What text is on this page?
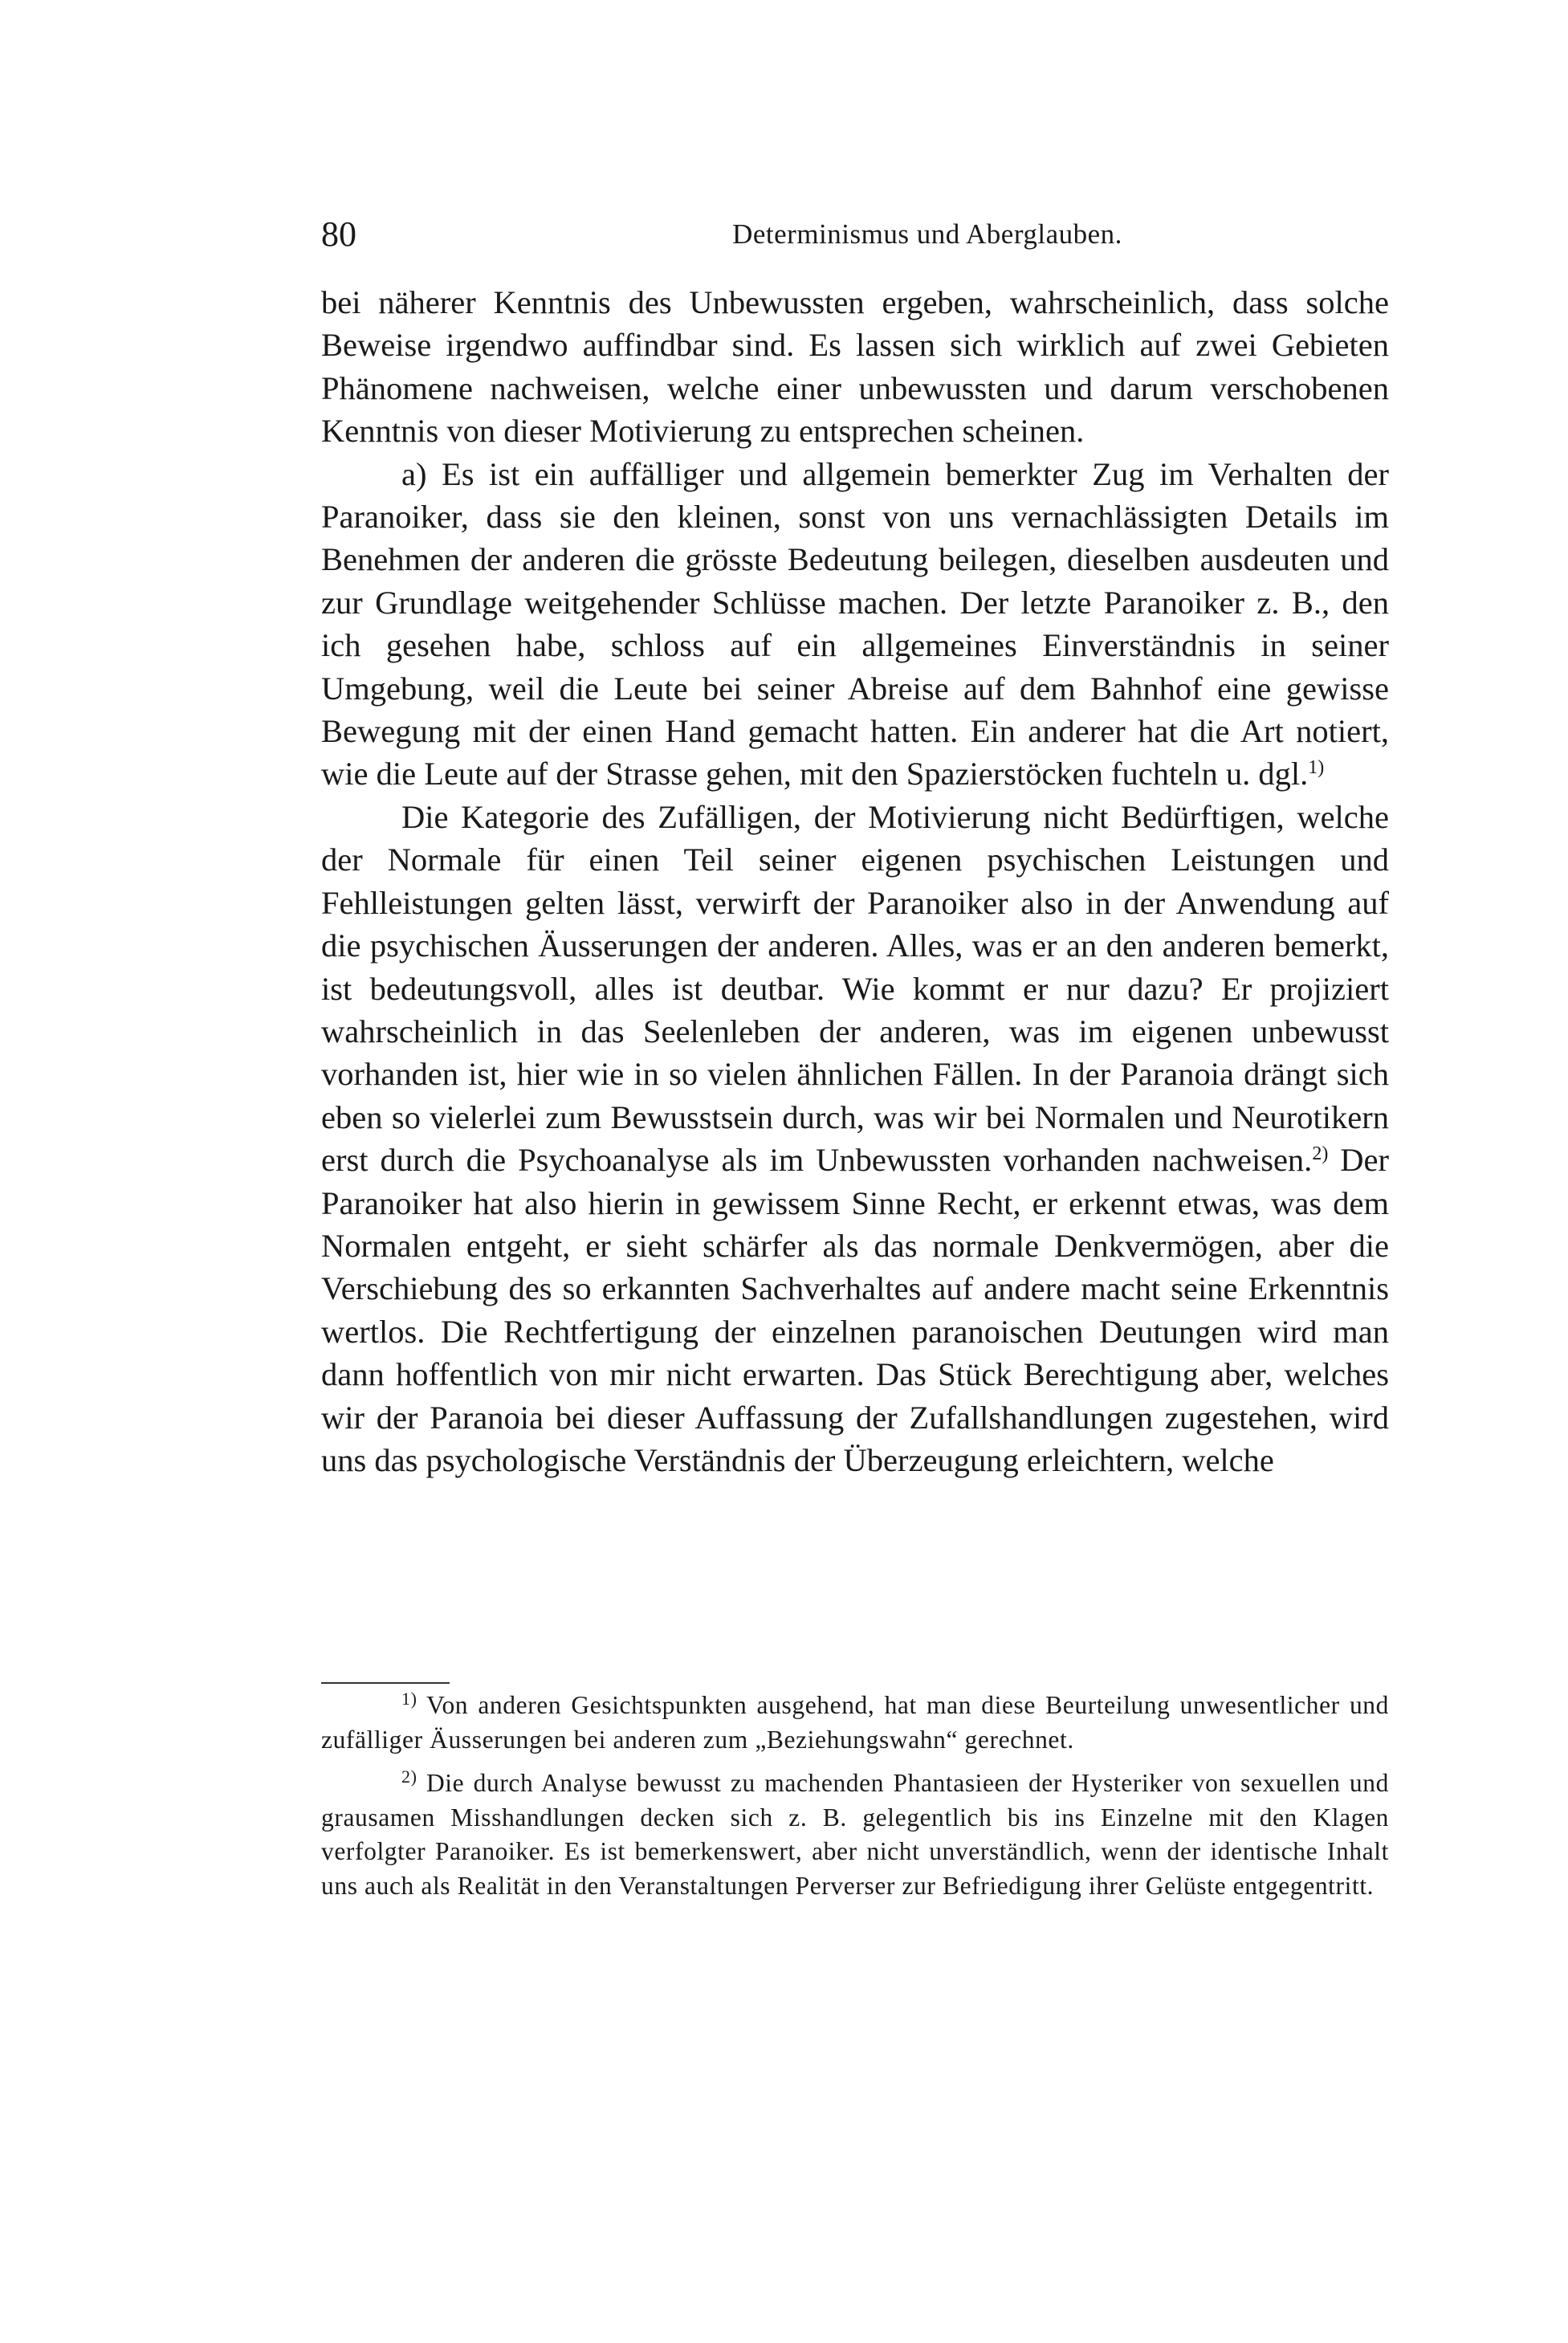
80	Determinismus und Aberglauben.

bei näherer Kenntnis des Unbewussten ergeben, wahrscheinlich, dass solche Beweise irgendwo auffindbar sind. Es lassen sich wirklich auf zwei Gebieten Phänomene nachweisen, welche einer unbewussten und darum verschobenen Kenntnis von dieser Motivierung zu entsprechen scheinen.

a) Es ist ein auffälliger und allgemein bemerkter Zug im Verhalten der Paranoiker, dass sie den kleinen, sonst von uns vernachlässigten Details im Benehmen der anderen die grösste Bedeutung beilegen, dieselben ausdeuten und zur Grundlage weitgehender Schlüsse machen. Der letzte Paranoiker z. B., den ich gesehen habe, schloss auf ein allgemeines Einverständnis in seiner Umgebung, weil die Leute bei seiner Abreise auf dem Bahnhof eine gewisse Bewegung mit der einen Hand gemacht hatten. Ein anderer hat die Art notiert, wie die Leute auf der Strasse gehen, mit den Spazierstöcken fuchteln u. dgl.$^{1)}$

Die Kategorie des Zufälligen, der Motivierung nicht Bedürftigen, welche der Normale für einen Teil seiner eigenen psychischen Leistungen und Fehlleistungen gelten lässt, verwirft der Paranoiker also in der Anwendung auf die psychischen Äusserungen der anderen. Alles, was er an den anderen bemerkt, ist bedeutungsvoll, alles ist deutbar. Wie kommt er nur dazu? Er projiziert wahrscheinlich in das Seelenleben der anderen, was im eigenen unbewusst vorhanden ist, hier wie in so vielen ähnlichen Fällen. In der Paranoia drängt sich eben so vielerlei zum Bewusstsein durch, was wir bei Normalen und Neurotikern erst durch die Psychoanalyse als im Unbewussten vorhanden nachweisen.$^{2)}$ Der Paranoiker hat also hierin in gewissem Sinne Recht, er erkennt etwas, was dem Normalen entgeht, er sieht schärfer als das normale Denkvermögen, aber die Verschiebung des so erkannten Sachverhaltes auf andere macht seine Erkenntnis wertlos. Die Rechtfertigung der einzelnen paranoischen Deutungen wird man dann hoffentlich von mir nicht erwarten. Das Stück Berechtigung aber, welches wir der Paranoia bei dieser Auffassung der Zufallshandlungen zugestehen, wird uns das psychologische Verständnis der Überzeugung erleichtern, welche

$^{1)}$ Von anderen Gesichtspunkten ausgehend, hat man diese Beurteilung unwesentlicher und zufälliger Äusserungen bei anderen zum „Beziehungswahn“ gerechnet.

$^{2)}$ Die durch Analyse bewusst zu machenden Phantasieen der Hysteriker von sexuellen und grausamen Misshandlungen decken sich z. B. gelegentlich bis ins Einzelne mit den Klagen verfolgter Paranoiker. Es ist bemerkenswert, aber nicht unverständlich, wenn der identische Inhalt uns auch als Realität in den Veranstaltungen Perverser zur Befriedigung ihrer Gelüste entgegentritt.
